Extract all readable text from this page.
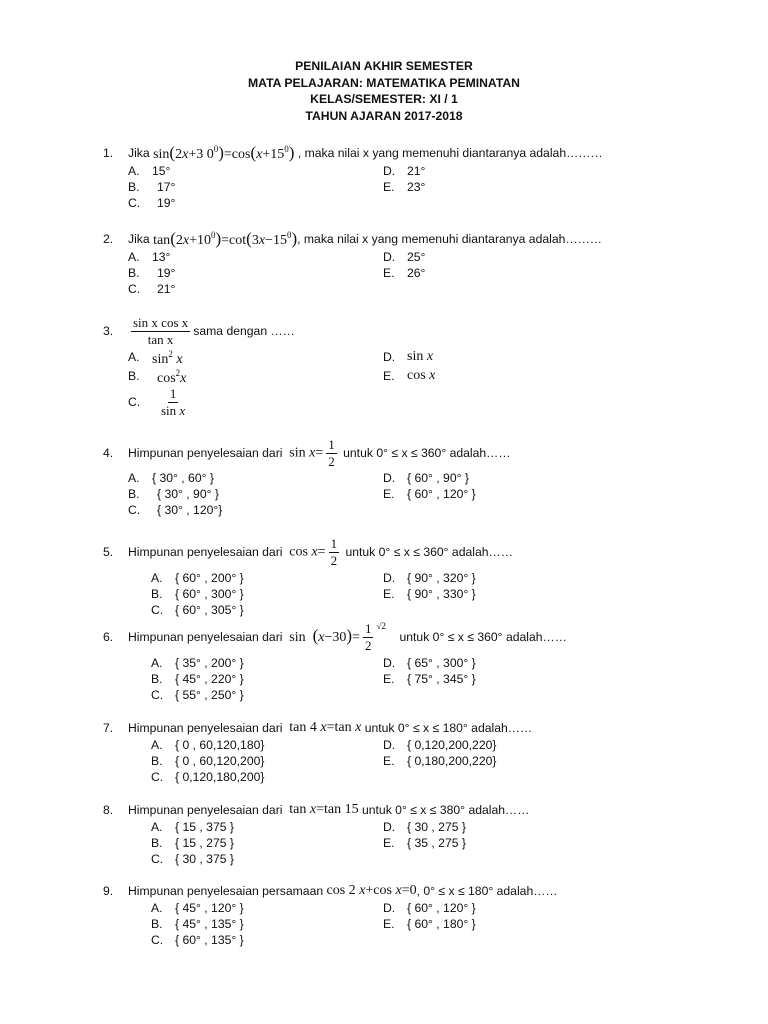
PENILAIAN AKHIR SEMESTER
MATA PELAJARAN: MATEMATIKA PEMINATAN
KELAS/SEMESTER: XI / 1
TAHUN AJARAN 2017-2018
1. Jika
sin(2x+3 $0^0)=\cos(x+15^0)$
, maka nilai x yang memenuhi diantaranya adalah………
A.	15°
B.	17°
C.	19°
D. 21°
E.	23°
2. Jika
$\tan(2x+10^0)=\cot(3x-15^0)$ , maka nilai x yang memenuhi diantaranya adalah………
A.	13°
B.	19°
C.	21°
D. 25°
E.	26°
3. $\frac{\text{sin x cos x}}{\text{tan x}}$ sama dengan ……
A. $\sin^2 x$
B.	$\cos^2x$
C.	$\frac{1}{\text{sin x}}$
D. sin x
E. cos x
4. Himpunan penyelesaian dari
$\sin x= \frac{1}{2}$
untuk 0° ≤ x ≤ 360° adalah……
A.	{ 30° , 60° }
B.	{ 30° , 90° }
C.	{ 30° , 120°}
D. { 60° , 90° }
E.	{ 60° , 120° }
5. Himpunan penyelesaian dari
$\cos x= \frac{1}{2}$
untuk 0° ≤ x ≤ 360° adalah……
A.	{ 60° , 200° }
B.	{ 60° , 300° }
C. { 60° , 305° }
D. { 90° , 320° }
E.	{ 90° , 330° }
6. Himpunan penyelesaian dari
$\sin (x-30)= \frac{1}{2} ^{√2}$

untuk 0° ≤ x ≤ 360° adalah……
A.	{ 35° , 200° }
B.	{ 45° , 220° }
C. { 55° , 250° }
D. { 65° , 300° }
E.	{ 75° , 345° }
7. Himpunan penyelesaian dari
tan 4 x=tan x
untuk 0° ≤ x ≤ 180° adalah……
A.	{ 0 , 60,120,180}
B.	{ 0 , 60,120,200}
C. { 0,120,180,200}
D. { 0,120,200,220}
E.	{ 0,180,200,220}
8. Himpunan penyelesaian dari
tan x=tan 15
untuk 0° ≤ x ≤ 380° adalah……
A.	{ 15 , 375 }
B.	{ 15 , 275 }
C. { 30 , 375 }
D. { 30 , 275 }
E.	{ 35 , 275 }
9. Himpunan penyelesaian persamaan
cos 2 x+cos x=0 , 0° ≤ x ≤ 180° adalah……
A.	{ 45° , 120° }
B.	{ 45° , 135° }
C. { 60° , 135° }
D. { 60° , 120° }
E.	{ 60° , 180° }
